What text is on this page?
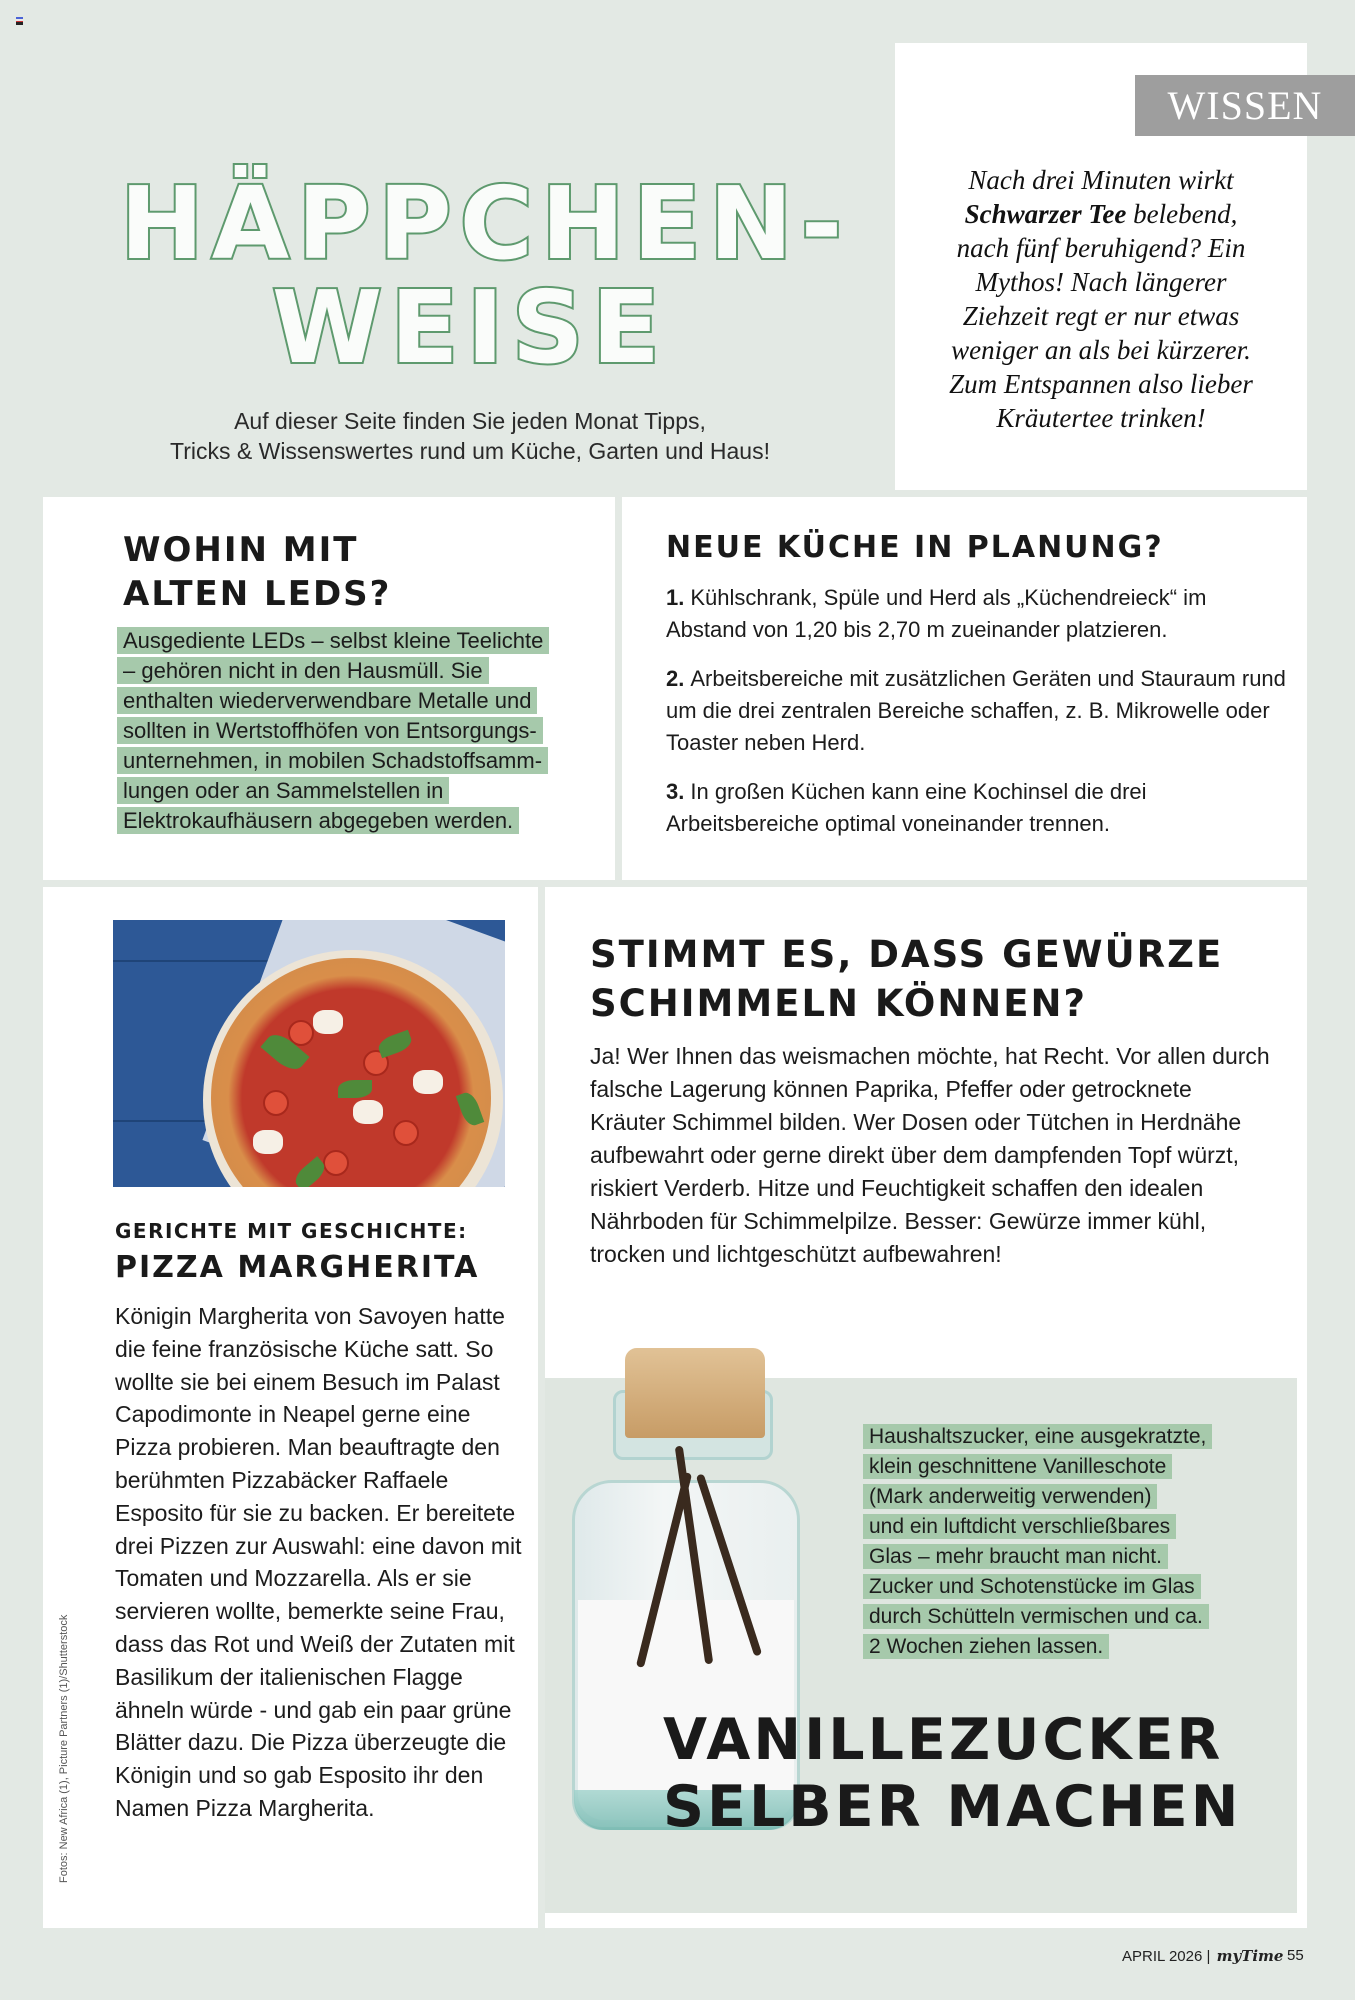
HÄPPCHEN-
WEISE
Auf dieser Seite finden Sie jeden Monat Tipps,
Tricks & Wissenswertes rund um Küche, Garten und Haus!
WISSEN
Nach drei Minuten wirkt
Schwarzer Tee belebend,
nach fünf beruhigend? Ein
Mythos! Nach längerer
Ziehzeit regt er nur etwas
weniger an als bei kürzerer.
Zum Entspannen also lieber
Kräutertee trinken!
WOHIN MIT
ALTEN LEDS?
Ausgediente LEDs – selbst kleine Teelichte
– gehören nicht in den Hausmüll. Sie
enthalten wiederverwendbare Metalle und
sollten in Wertstoffhöfen von Entsorgungs-
unternehmen, in mobilen Schadstoffsamm-
lungen oder an Sammelstellen in
Elektrokaufhäusern abgegeben werden.
NEUE KÜCHE IN PLANUNG?
1. Kühlschrank, Spüle und Herd als „Küchendreieck“ im Abstand von 1,20 bis 2,70 m zueinander platzieren.
2. Arbeitsbereiche mit zusätzlichen Geräten und Stauraum rund um die drei zentralen Bereiche schaffen, z. B. Mikrowelle oder Toaster neben Herd.
3. In großen Küchen kann eine Kochinsel die drei Arbeitsbereiche optimal voneinander trennen.
GERICHTE MIT GESCHICHTE:
PIZZA MARGHERITA
Königin Margherita von Savoyen hatte die feine französische Küche satt. So wollte sie bei einem Besuch im Palast Capodimonte in Neapel gerne eine Pizza probieren. Man beauftragte den berühmten Pizzabäcker Raffaele Esposito für sie zu backen. Er bereitete drei Pizzen zur Auswahl: eine davon mit Tomaten und Mozzarella. Als er sie servieren wollte, bemerkte seine Frau, dass das Rot und Weiß der Zutaten mit Basilikum der italienischen Flagge ähneln würde - und gab ein paar grüne Blätter dazu. Die Pizza überzeugte die Königin und so gab Esposito ihr den Namen Pizza Margherita.
Fotos: New Africa (1), Picture Partners (1)/Shutterstock
STIMMT ES, DASS GEWÜRZE
SCHIMMELN KÖNNEN?
Ja! Wer Ihnen das weismachen möchte, hat Recht. Vor allen durch falsche Lagerung können Paprika, Pfeffer oder getrocknete Kräuter Schimmel bilden. Wer Dosen oder Tütchen in Herdnähe aufbewahrt oder gerne direkt über dem dampfenden Topf würzt, riskiert Verderb. Hitze und Feuchtigkeit schaffen den idealen Nährboden für Schimmelpilze. Besser: Gewürze immer kühl, trocken und lichtgeschützt aufbewahren!
Haushaltszucker, eine ausgekratzte,
klein geschnittene Vanilleschote
(Mark anderweitig verwenden)
und ein luftdicht verschließbares
Glas – mehr braucht man nicht.
Zucker und Schotenstücke im Glas
durch Schütteln vermischen und ca.
2 Wochen ziehen lassen.
VANILLEZUCKER
SELBER MACHEN
APRIL 2026 | myTime 55
